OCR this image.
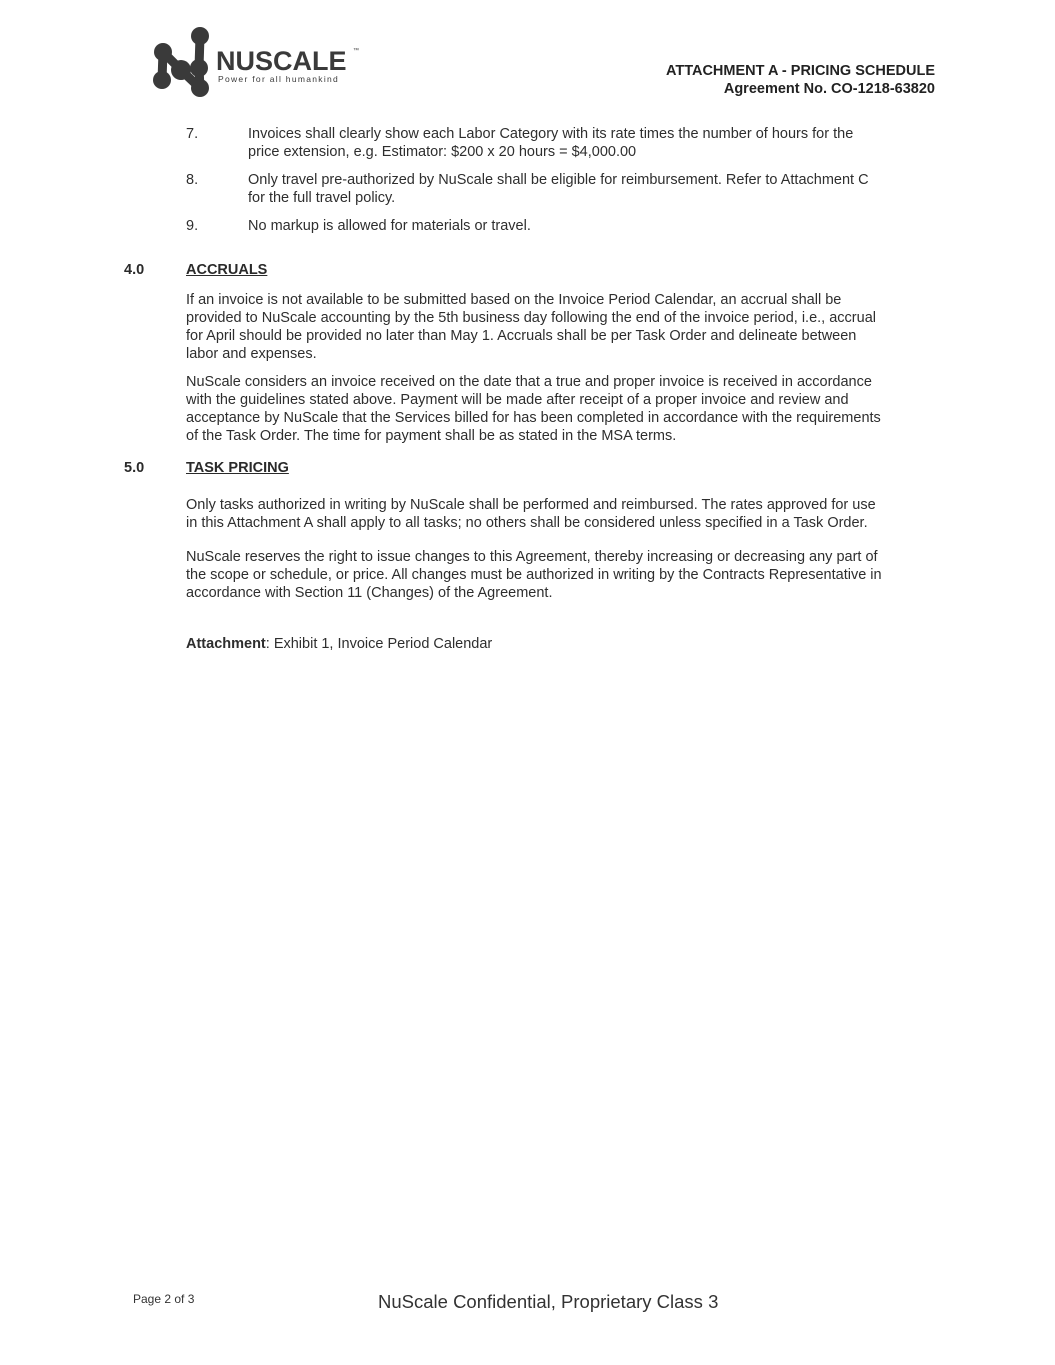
NUSCALE ™
Power for all humankind	ATTACHMENT A - PRICING SCHEDULE
Agreement No. CO-1218-63820
7.	Invoices shall clearly show each Labor Category with its rate times the number of hours for the
price extension, e.g. Estimator: $200 x 20 hours = $4,000.00
8.	Only travel pre-authorized by NuScale shall be eligible for reimbursement. Refer to Attachment C
for the full travel policy.
9.	No markup is allowed for materials or travel.
4.0	ACCRUALS
If an invoice is not available to be submitted based on the Invoice Period Calendar, an accrual shall be
provided to NuScale accounting by the 5th business day following the end of the invoice period, i.e., accrual
for April should be provided no later than May 1. Accruals shall be per Task Order and delineate between
labor and expenses.
NuScale considers an invoice received on the date that a true and proper invoice is received in accordance
with the guidelines stated above. Payment will be made after receipt of a proper invoice and review and
acceptance by NuScale that the Services billed for has been completed in accordance with the requirements
of the Task Order. The time for payment shall be as stated in the MSA terms.
5.0	TASK PRICING
Only tasks authorized in writing by NuScale shall be performed and reimbursed. The rates approved for use
in this Attachment A shall apply to all tasks; no others shall be considered unless specified in a Task Order.
NuScale reserves the right to issue changes to this Agreement, thereby increasing or decreasing any part of
the scope or schedule, or price. All changes must be authorized in writing by the Contracts Representative in
accordance with Section 11 (Changes) of the Agreement.
Attachment: Exhibit 1, Invoice Period Calendar
Page 2 of 3	NuScale Confidential, Proprietary Class 3
